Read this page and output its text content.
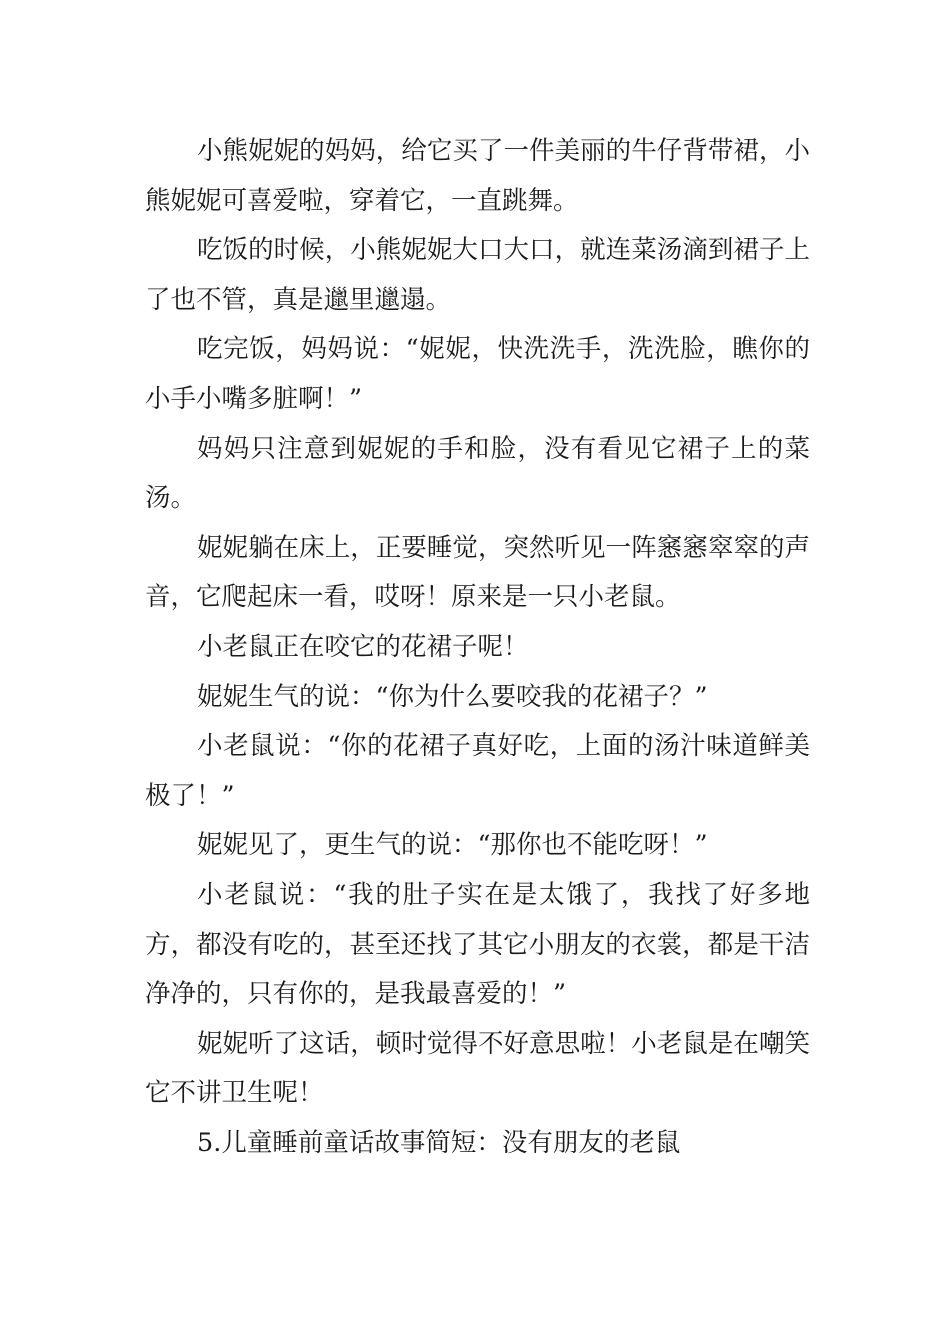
小熊妮妮的妈妈，给它买了一件美丽的牛仔背带裙，小熊妮妮可喜爱啦，穿着它，一直跳舞。

吃饭的时候，小熊妮妮大口大口，就连菜汤滴到裙子上了也不管，真是邋里邋遢。

吃完饭，妈妈说：“妮妮，快洗洗手，洗洗脸，瞧你的小手小嘴多脏啊！”

妈妈只注意到妮妮的手和脸，没有看见它裙子上的菜汤。

妮妮躺在床上，正要睡觉，突然听见一阵窸窸窣窣的声音，它爬起床一看，哎呀！原来是一只小老鼠。

小老鼠正在咬它的花裙子呢！

妮妮生气的说：“你为什么要咬我的花裙子？”

小老鼠说：“你的花裙子真好吃，上面的汤汁味道鲜美极了！”

妮妮见了，更生气的说：“那你也不能吃呀！”

小老鼠说：“我的肚子实在是太饿了，我找了好多地方，都没有吃的，甚至还找了其它小朋友的衣裳，都是干洁净净的，只有你的，是我最喜爱的！”

妮妮听了这话，顿时觉得不好意思啦！小老鼠是在嘲笑它不讲卫生呢！

5.儿童睡前童话故事简短：没有朋友的老鼠
